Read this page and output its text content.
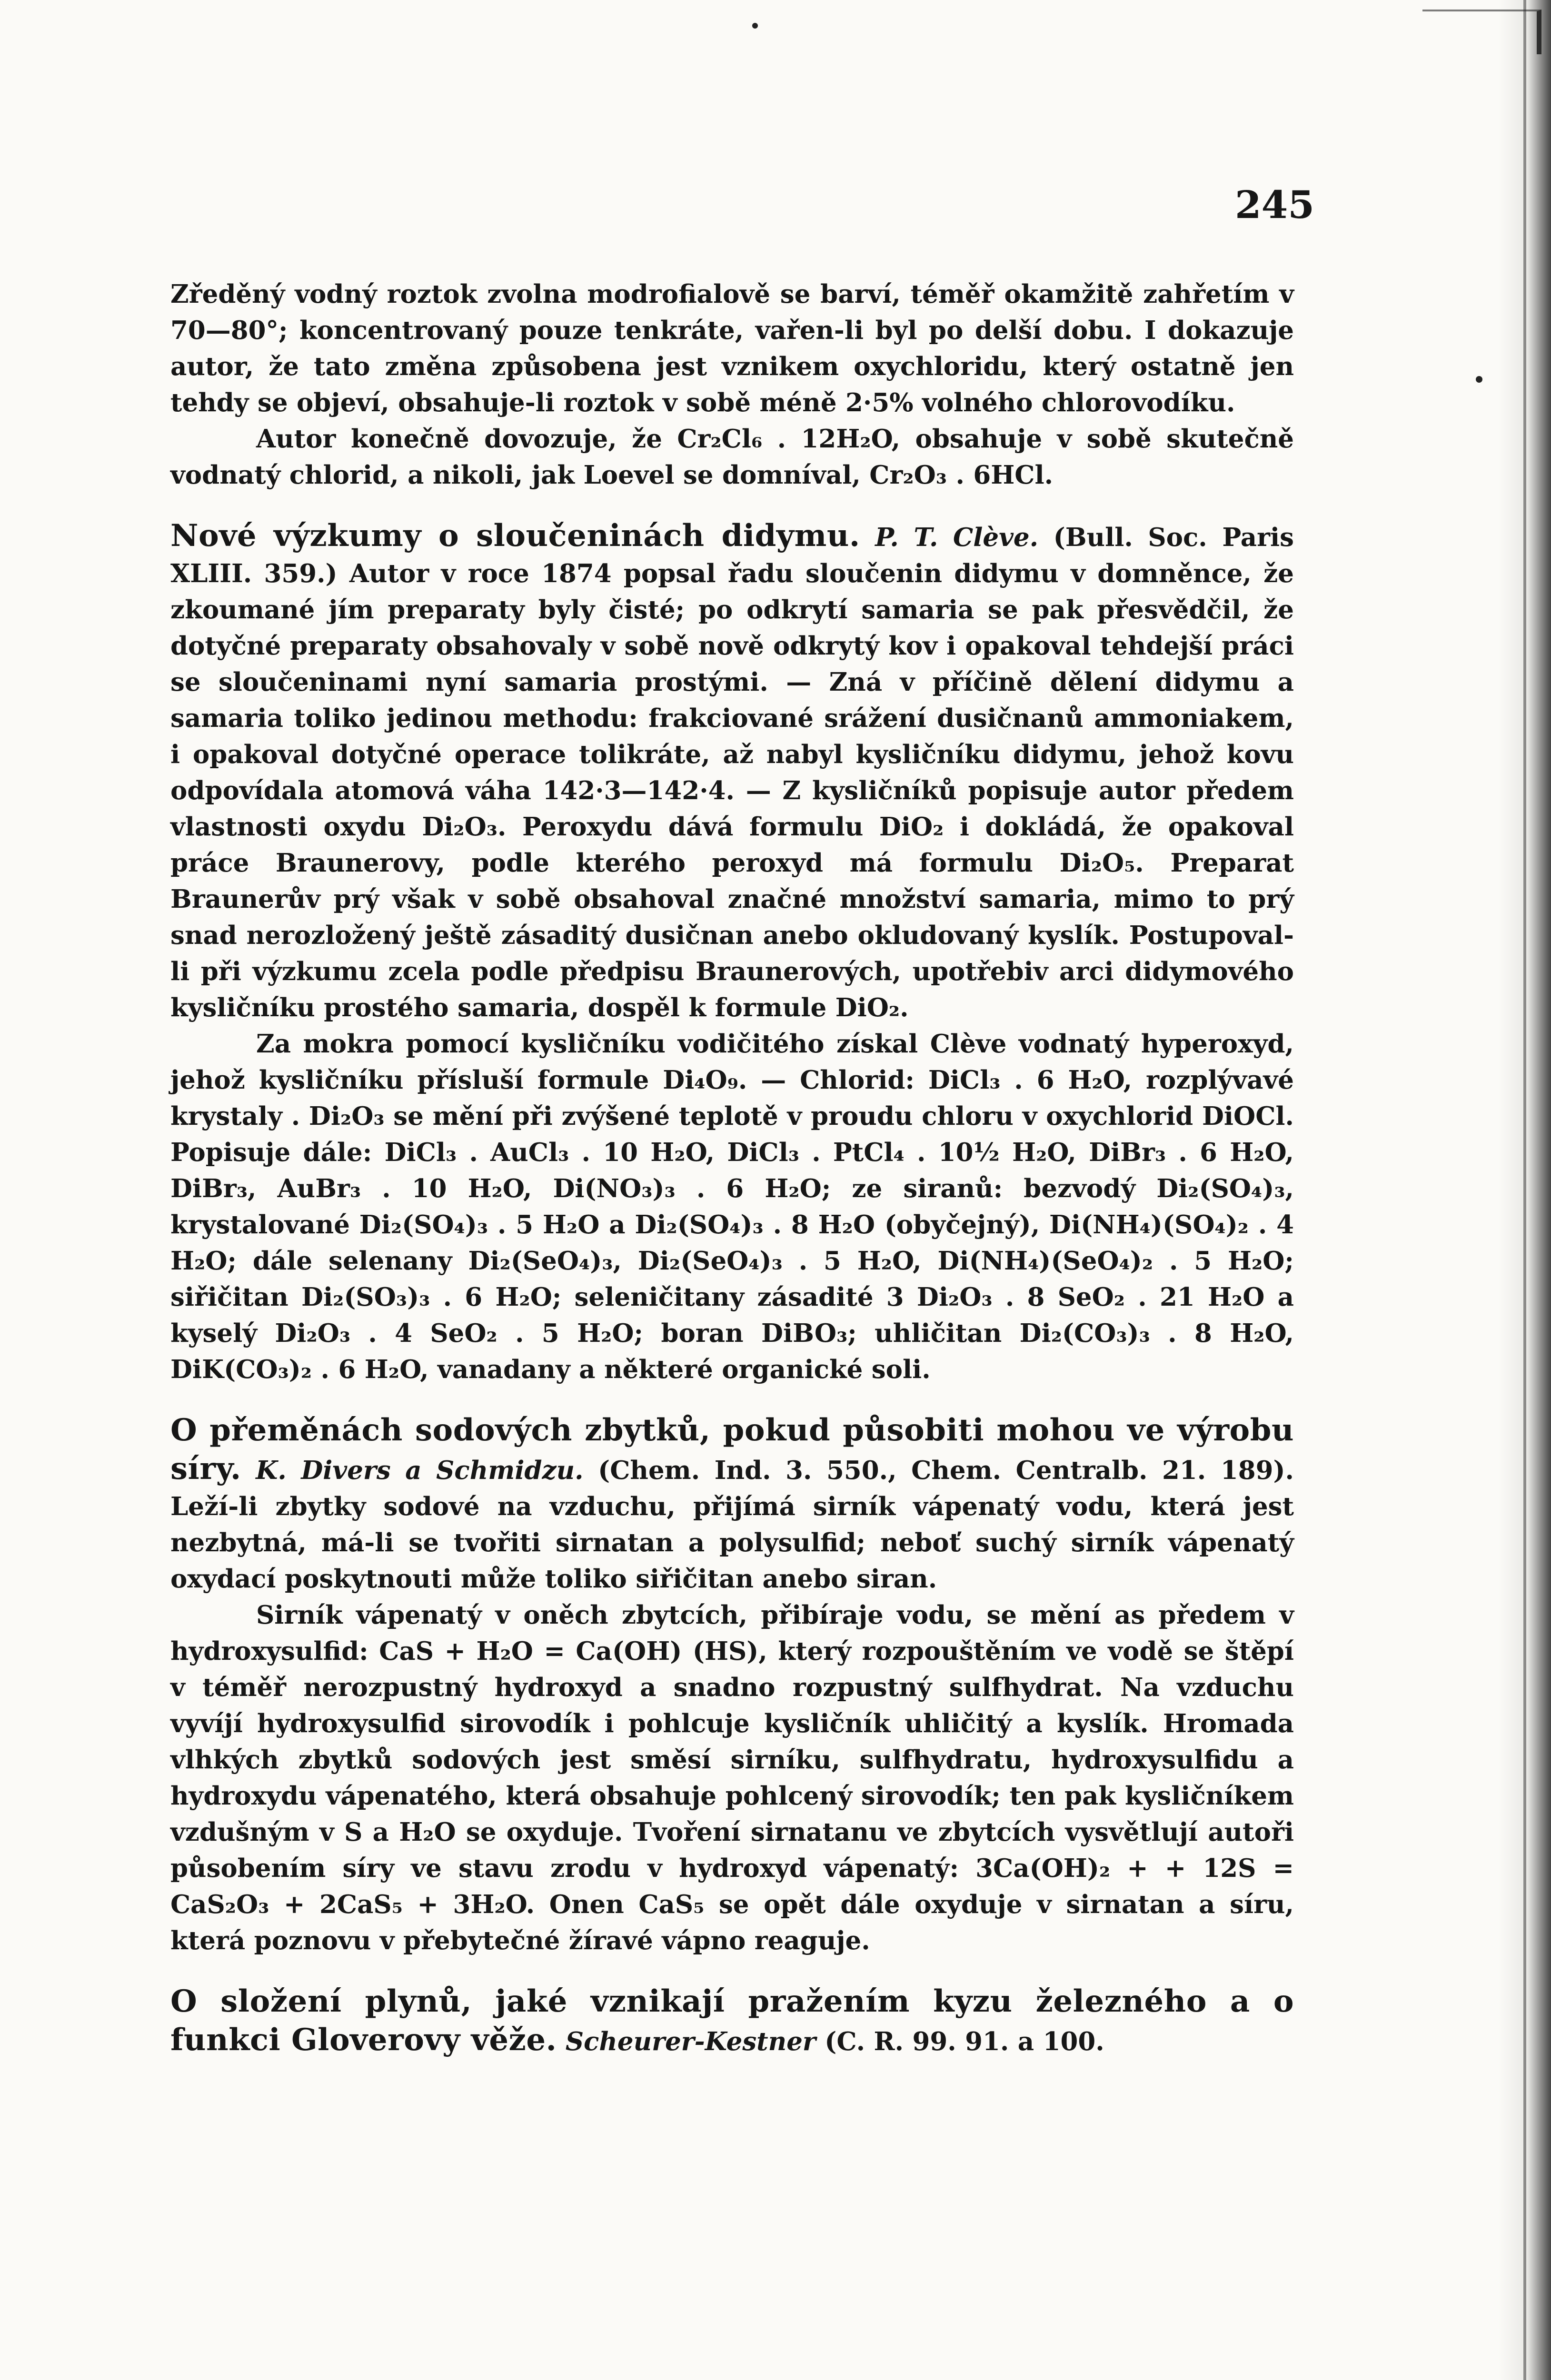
245

Zředěný vodný roztok zvolna modrofialově se barví, téměř okamžitě zahřetím v 70—80°; koncentrovaný pouze tenkráte, vařen-li byl po delší dobu. I dokazuje autor, že tato změna způsobena jest vznikem oxychloridu, který ostatně jen tehdy se objeví, obsahuje-li roztok v sobě méně 2·5% volného chlorovodíku.

Autor konečně dovozuje, že Cr₂Cl₆ . 12H₂O, obsahuje v sobě skutečně vodnatý chlorid, a nikoli, jak Loevel se domníval, Cr₂O₃ . 6HCl.

Nové výzkumy o sloučeninách didymu. P. T. Clève. (Bull. Soc. Paris XLIII. 359.) Autor v roce 1874 popsal řadu sloučenin didymu v domněnce, že zkoumané jím preparaty byly čisté; po odkrytí samaria se pak přesvědčil, že dotyčné preparaty obsahovaly v sobě nově odkrytý kov i opakoval tehdejší práci se sloučeninami nyní samaria prostými. — Zná v příčině dělení didymu a samaria toliko jedinou methodu: frakciované srážení dusičnanů ammoniakem, i opakoval dotyčné operace tolikráte, až nabyl kysličníku didymu, jehož kovu odpovídala atomová váha 142·3—142·4. — Z kysličníků popisuje autor předem vlastnosti oxydu Di₂O₃. Peroxydu dává formulu DiO₂ i dokládá, že opakoval práce Braunerovy, podle kterého peroxyd má formulu Di₂O₅. Preparat Braunerův prý však v sobě obsahoval značné množství samaria, mimo to prý snad nerozložený ještě zásaditý dusičnan anebo okludovaný kyslík. Postupoval-li při výzkumu zcela podle předpisu Braunerových, upotřebiv arci didymového kysličníku prostého samaria, dospěl k formule DiO₂.

Za mokra pomocí kysličníku vodičitého získal Clève vodnatý hyperoxyd, jehož kysličníku přísluší formule Di₄O₉. — Chlorid: DiCl₃ . 6 H₂O, rozplývavé krystaly . Di₂O₃ se mění při zvýšené teplotě v proudu chloru v oxychlorid DiOCl. Popisuje dále: DiCl₃ . AuCl₃ . 10 H₂O, DiCl₃ . PtCl₄ . 10½ H₂O, DiBr₃ . 6 H₂O, DiBr₃, AuBr₃ . 10 H₂O, Di(NO₃)₃ . 6 H₂O; ze siranů: bezvodý Di₂(SO₄)₃, krystalované Di₂(SO₄)₃ . 5 H₂O a Di₂(SO₄)₃ . 8 H₂O (obyčejný), Di(NH₄)(SO₄)₂ . 4 H₂O; dále selenany Di₂(SeO₄)₃, Di₂(SeO₄)₃ . 5 H₂O, Di(NH₄)(SeO₄)₂ . 5 H₂O; siřičitan Di₂(SO₃)₃ . 6 H₂O; seleničitany zásadité 3 Di₂O₃ . 8 SeO₂ . 21 H₂O a kyselý Di₂O₃ . 4 SeO₂ . 5 H₂O; boran DiBO₃; uhličitan Di₂(CO₃)₃ . 8 H₂O, DiK(CO₃)₂ . 6 H₂O, vanadany a některé organické soli.

O přeměnách sodových zbytků, pokud působiti mohou ve výrobu síry. K. Divers a Schmidzu. (Chem. Ind. 3. 550., Chem. Centralb. 21. 189). Leží-li zbytky sodové na vzduchu, přijímá sirník vápenatý vodu, která jest nezbytná, má-li se tvořiti sirnatan a polysulfid; neboť suchý sirník vápenatý oxydací poskytnouti může toliko siřičitan anebo siran.

Sirník vápenatý v oněch zbytcích, přibíraje vodu, se mění as předem v hydroxysulfid: CaS + H₂O = Ca(OH) (HS), který rozpouštěním ve vodě se štěpí v téměř nerozpustný hydroxyd a snadno rozpustný sulfhydrat. Na vzduchu vyvíjí hydroxysulfid sirovodík i pohlcuje kysličník uhličitý a kyslík. Hromada vlhkých zbytků sodových jest směsí sirníku, sulfhydratu, hydroxysulfidu a hydroxydu vápenatého, která obsahuje pohlcený sirovodík; ten pak kysličníkem vzdušným v S a H₂O se oxyduje. Tvoření sirnatanu ve zbytcích vysvětlují autoři působením síry ve stavu zrodu v hydroxyd vápenatý: 3Ca(OH)₂ + + 12S = CaS₂O₃ + 2CaS₅ + 3H₂O. Onen CaS₅ se opět dále oxyduje v sirnatan a síru, která poznovu v přebytečné žíravé vápno reaguje.

O složení plynů, jaké vznikají pražením kyzu železného a o funkci Gloverovy věže. Scheurer-Kestner (C. R. 99. 91. a 100.
